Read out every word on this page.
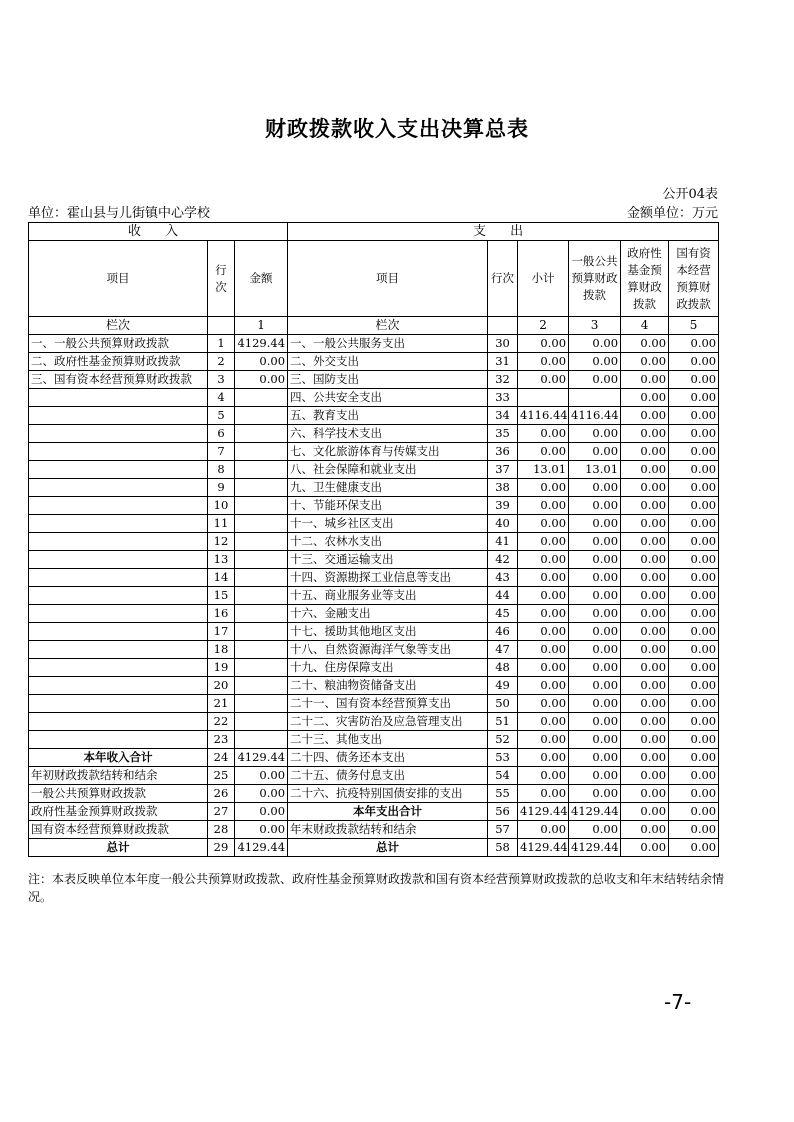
财政拨款收入支出决算总表
公开04表
单位：霍山县与儿街镇中心学校	金额单位：万元
收 入			支 出					
项目	行次	金额	项目	行次	小计	一般公共预算财政拨款	政府性基金预算财政拨款	国有资本经营预算财政拨款
栏次		1	栏次		2	3	4	5
一、一般公共预算财政拨款	1	4129.44	一、一般公共服务支出	30	0.00	0.00	0.00	0.00
二、政府性基金预算财政拨款	2	0.00	二、外交支出	31	0.00	0.00	0.00	0.00
三、国有资本经营预算财政拨款	3	0.00	三、国防支出	32	0.00	0.00	0.00	0.00
	4		四、公共安全支出	33			0.00	0.00
	5		五、教育支出	34	4116.44	4116.44	0.00	0.00
	6		六、科学技术支出	35	0.00	0.00	0.00	0.00
	7		七、文化旅游体育与传媒支出	36	0.00	0.00	0.00	0.00
	8		八、社会保障和就业支出	37	13.01	13.01	0.00	0.00
	9		九、卫生健康支出	38	0.00	0.00	0.00	0.00
	10		十、节能环保支出	39	0.00	0.00	0.00	0.00
	11		十一、城乡社区支出	40	0.00	0.00	0.00	0.00
	12		十二、农林水支出	41	0.00	0.00	0.00	0.00
	13		十三、交通运输支出	42	0.00	0.00	0.00	0.00
	14		十四、资源勘探工业信息等支出	43	0.00	0.00	0.00	0.00
	15		十五、商业服务业等支出	44	0.00	0.00	0.00	0.00
	16		十六、金融支出	45	0.00	0.00	0.00	0.00
	17		十七、援助其他地区支出	46	0.00	0.00	0.00	0.00
	18		十八、自然资源海洋气象等支出	47	0.00	0.00	0.00	0.00
	19		十九、住房保障支出	48	0.00	0.00	0.00	0.00
	20		二十、粮油物资储备支出	49	0.00	0.00	0.00	0.00
	21		二十一、国有资本经营预算支出	50	0.00	0.00	0.00	0.00
	22		二十二、灾害防治及应急管理支出	51	0.00	0.00	0.00	0.00
	23		二十三、其他支出	52	0.00	0.00	0.00	0.00
本年收入合计	24	4129.44	二十四、债务还本支出	53	0.00	0.00	0.00	0.00
年初财政拨款结转和结余	25	0.00	二十五、债务付息支出	54	0.00	0.00	0.00	0.00
一般公共预算财政拨款	26	0.00	二十六、抗疫特别国债安排的支出	55	0.00	0.00	0.00	0.00
政府性基金预算财政拨款	27	0.00	本年支出合计	56	4129.44	4129.44	0.00	0.00
国有资本经营预算财政拨款	28	0.00	年末财政拨款结转和结余	57	0.00	0.00	0.00	0.00
总计	29	4129.44	总计	58	4129.44	4129.44	0.00	0.00
注：本表反映单位本年度一般公共预算财政拨款、政府性基金预算财政拨款和国有资本经营预算财政拨款的总收支和年末结转结余情况。
-7-
